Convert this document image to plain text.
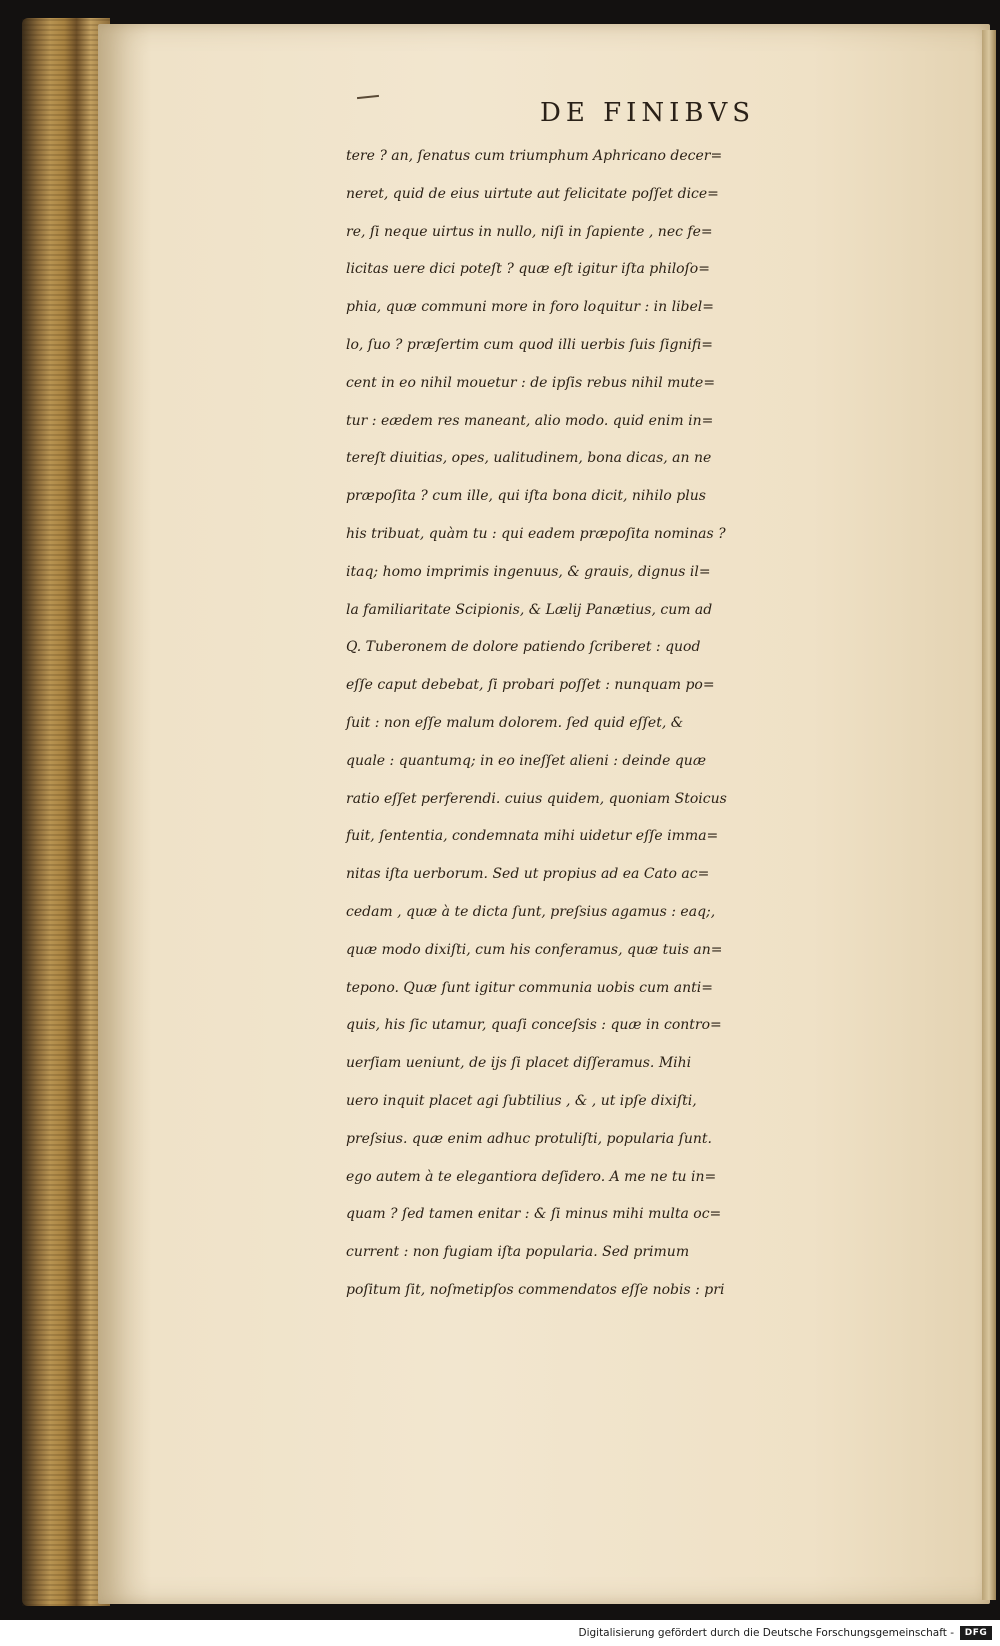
DE FINIBVS
tere ? an, ſenatus cum triumphum Aphricano decer=
neret, quid de eius uirtute aut felicitate poſſet dice=
re, ſi neque uirtus in nullo, niſi in ſapiente , nec fe=
licitas uere dici poteſt ? quæ eſt igitur iſta philoſo=
phia, quæ communi more in foro loquitur : in libel=
lo, ſuo ? præſertim cum quod illi uerbis ſuis ſignifi=
cent in eo nihil mouetur : de ipſis rebus nihil mute=
tur : eædem res maneant, alio modo. quid enim in=
tereſt diuitias, opes, ualitudinem, bona dicas, an ne
præpoſita ? cum ille, qui iſta bona dicit, nihilo plus
his tribuat, quàm tu : qui eadem præpoſita nominas ?
itaq; homo imprimis ingenuus, & grauis, dignus il=
la familiaritate Scipionis, & Lælij Panætius, cum ad
Q. Tuberonem de dolore patiendo ſcriberet : quod
eſſe caput debebat, ſi probari poſſet : nunquam po=
ſuit : non eſſe malum dolorem. ſed quid eſſet, &
quale : quantumq; in eo ineſſet alieni : deinde quæ
ratio eſſet perferendi. cuius quidem, quoniam Stoicus
fuit, ſententia, condemnata mihi uidetur eſſe imma=
nitas iſta uerborum. Sed ut propius ad ea Cato ac=
cedam , quæ à te dicta ſunt, preſsius agamus : eaq;,
quæ modo dixiſti, cum his conferamus, quæ tuis an=
tepono. Quæ ſunt igitur communia uobis cum anti=
quis, his ſic utamur, quaſi conceſsis : quæ in contro=
uerſiam ueniunt, de ijs ſi placet diſſeramus. Mihi
uero inquit placet agi ſubtilius , & , ut ipſe dixiſti,
preſsius. quæ enim adhuc protuliſti, popularia ſunt.
ego autem à te elegantiora deſidero. A me ne tu in=
quam ? ſed tamen enitar : & ſi minus mihi multa oc=
current : non fugiam iſta popularia. Sed primum
poſitum ſit, noſmetipſos commendatos eſſe nobis : pri
Digitalisierung gefördert durch die Deutsche Forschungsgemeinschaft -	DFG
